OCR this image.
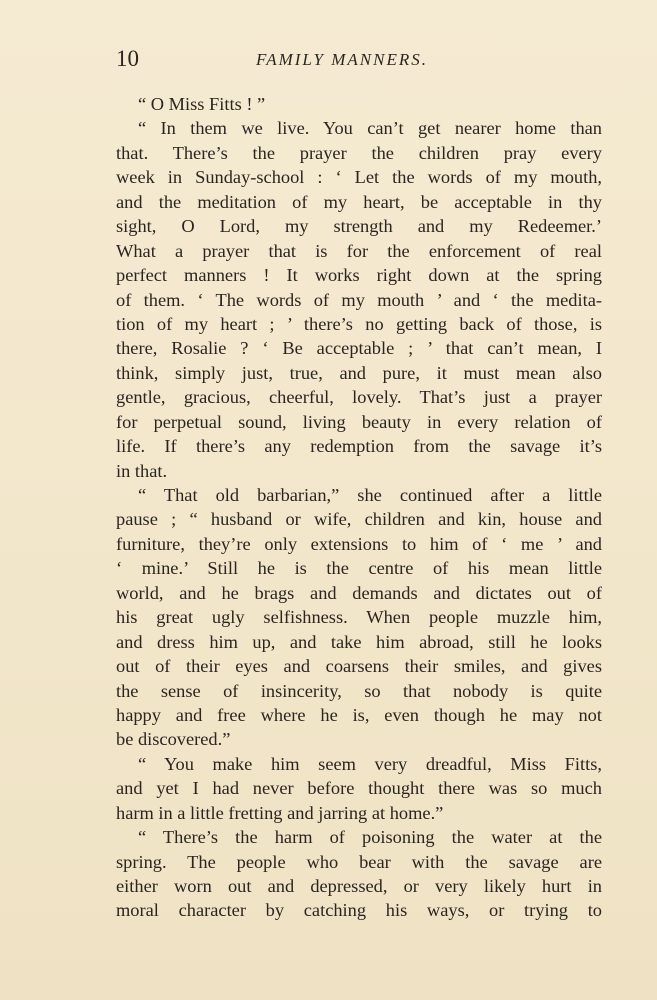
10	FAMILY MANNERS.
“ O Miss Fitts ! ”
“ In them we live. You can’t get nearer home than
that. There’s the prayer the children pray every
week in Sunday-school : ‘ Let the words of my mouth,
and the meditation of my heart, be acceptable in thy
sight, O Lord, my strength and my Redeemer.’
What a prayer that is for the enforcement of real
perfect manners ! It works right down at the spring
of them. ‘ The words of my mouth ’ and ‘ the medita-
tion of my heart ; ’ there’s no getting back of those, is
there, Rosalie ? ‘ Be acceptable ; ’ that can’t mean, I
think, simply just, true, and pure, it must mean also
gentle, gracious, cheerful, lovely. That’s just a prayer
for perpetual sound, living beauty in every relation of
life. If there’s any redemption from the savage it’s
in that.
“ That old barbarian,” she continued after a little
pause ; “ husband or wife, children and kin, house and
furniture, they’re only extensions to him of ‘ me ’ and
‘ mine.’ Still he is the centre of his mean little
world, and he brags and demands and dictates out of
his great ugly selfishness. When people muzzle him,
and dress him up, and take him abroad, still he looks
out of their eyes and coarsens their smiles, and gives
the sense of insincerity, so that nobody is quite
happy and free where he is, even though he may not
be discovered.”
“ You make him seem very dreadful, Miss Fitts,
and yet I had never before thought there was so much
harm in a little fretting and jarring at home.”
“ There’s the harm of poisoning the water at the
spring. The people who bear with the savage are
either worn out and depressed, or very likely hurt in
moral character by catching his ways, or trying to
